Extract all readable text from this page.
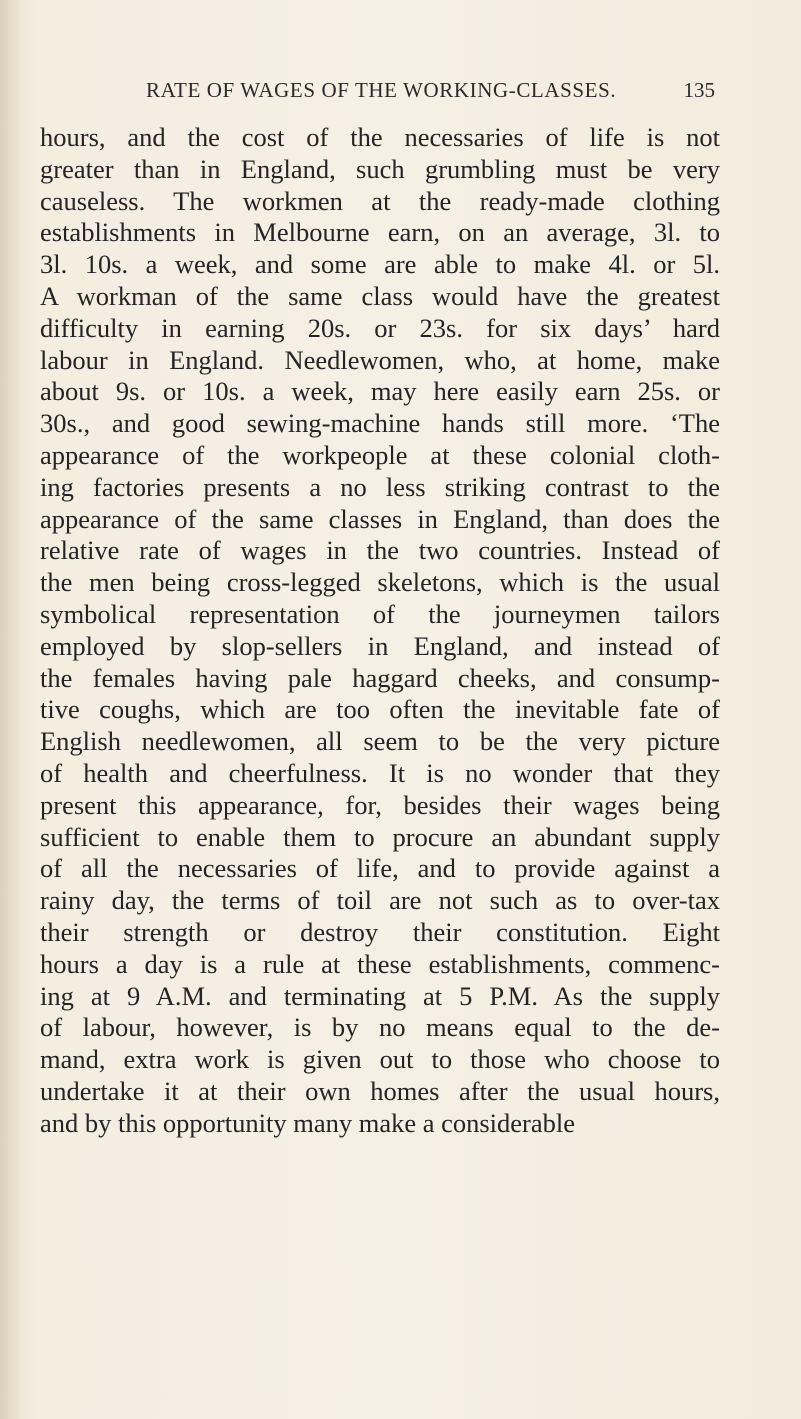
RATE OF WAGES OF THE WORKING-CLASSES.	135
hours, and the cost of the necessaries of life is not
greater than in England, such grumbling must be very
causeless. The workmen at the ready-made clothing
establishments in Melbourne earn, on an average, 3l. to
3l. 10s. a week, and some are able to make 4l. or 5l.
A workman of the same class would have the greatest
difficulty in earning 20s. or 23s. for six days’ hard
labour in England. Needlewomen, who, at home, make
about 9s. or 10s. a week, may here easily earn 25s. or
30s., and good sewing-machine hands still more. ‘The
appearance of the workpeople at these colonial cloth-
ing factories presents a no less striking contrast to the
appearance of the same classes in England, than does the
relative rate of wages in the two countries. Instead of
the men being cross-legged skeletons, which is the usual
symbolical representation of the journeymen tailors
employed by slop-sellers in England, and instead of
the females having pale haggard cheeks, and consump-
tive coughs, which are too often the inevitable fate of
English needlewomen, all seem to be the very picture
of health and cheerfulness. It is no wonder that they
present this appearance, for, besides their wages being
sufficient to enable them to procure an abundant supply
of all the necessaries of life, and to provide against a
rainy day, the terms of toil are not such as to over-tax
their strength or destroy their constitution. Eight
hours a day is a rule at these establishments, commenc-
ing at 9 A.M. and terminating at 5 P.M. As the supply
of labour, however, is by no means equal to the de-
mand, extra work is given out to those who choose to
undertake it at their own homes after the usual hours,
and by this opportunity many make a considerable
